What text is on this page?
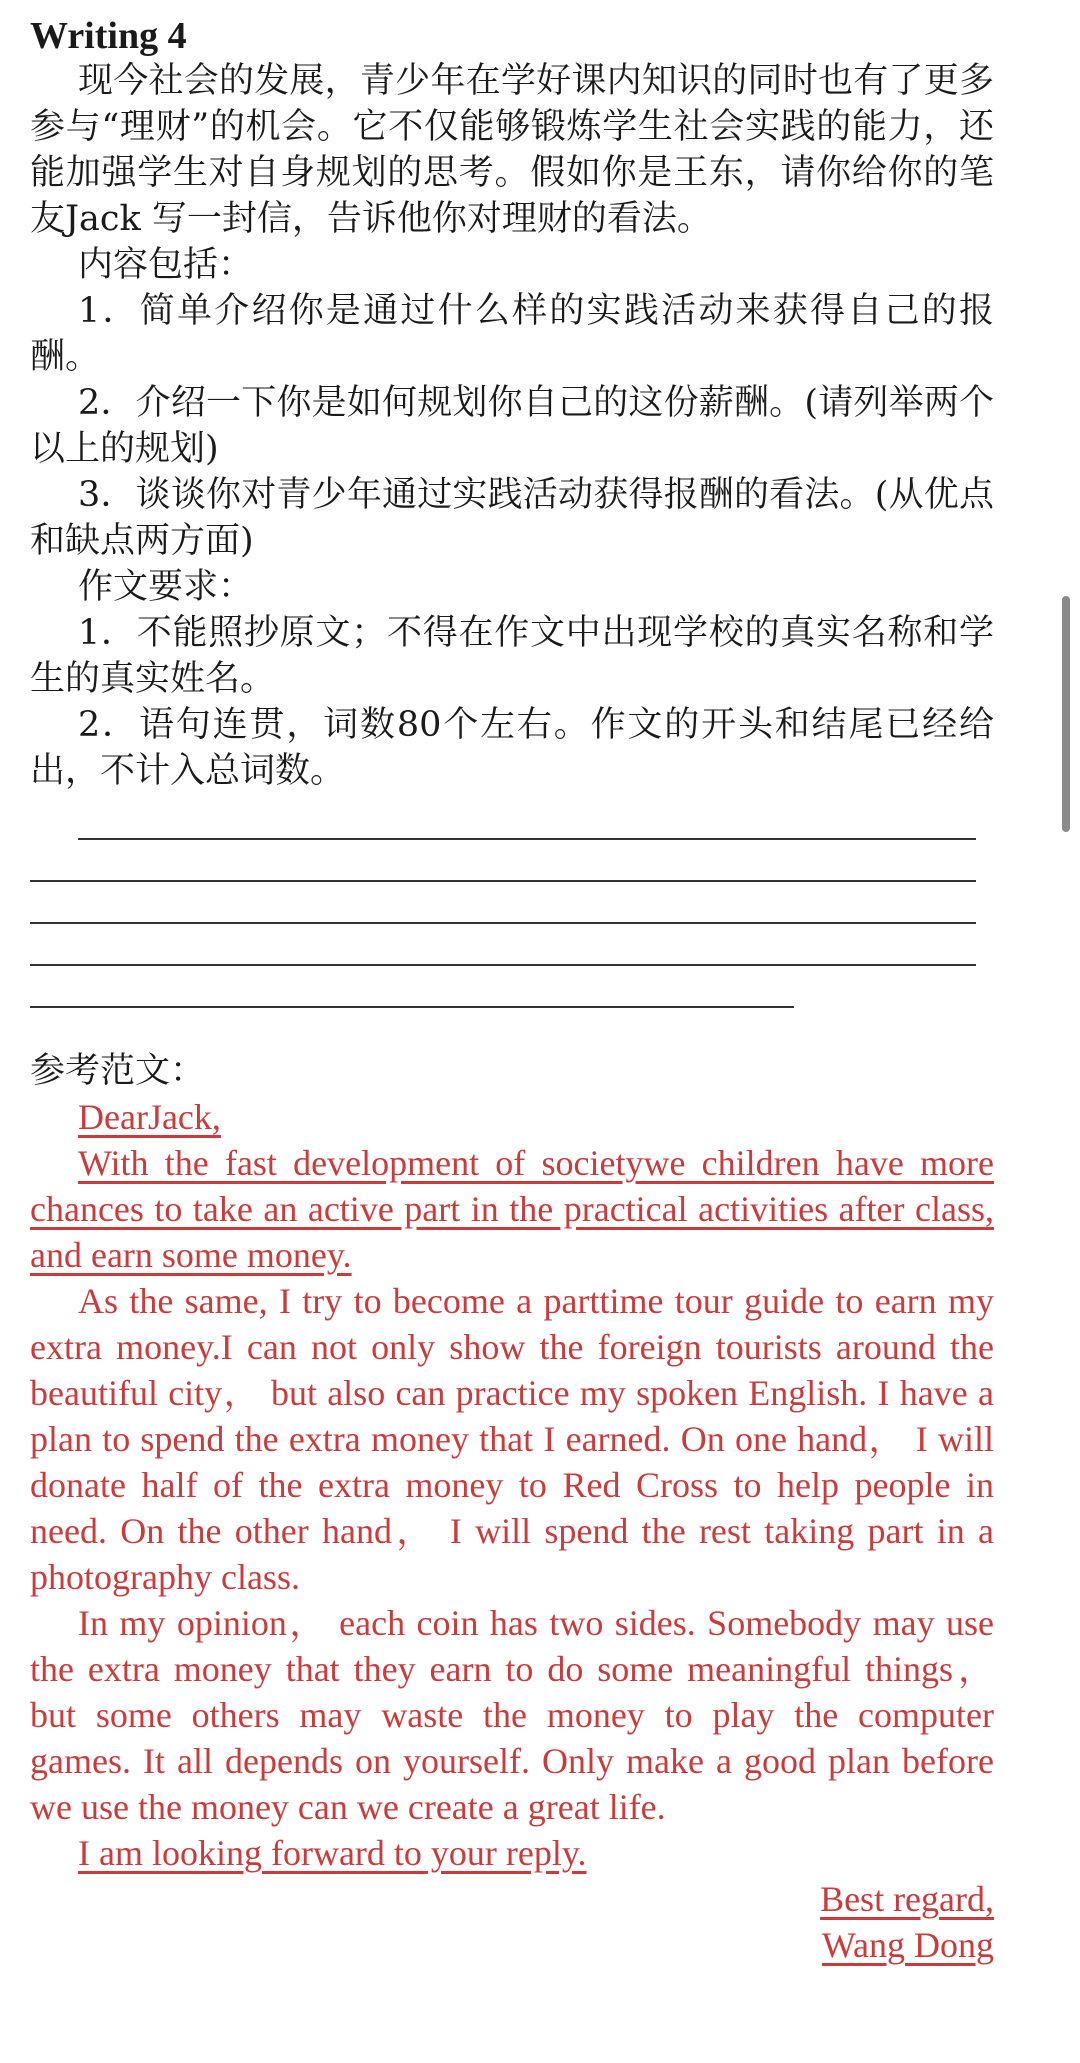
Writing 4

现今社会的发展，青少年在学好课内知识的同时也有了更多参与“理财”的机会。它不仅能够锻炼学生社会实践的能力，还能加强学生对自身规划的思考。假如你是王东，请你给你的笔友Jack 写一封信，告诉他你对理财的看法。

内容包括：

1．简单介绍你是通过什么样的实践活动来获得自己的报酬。

2．介绍一下你是如何规划你自己的这份薪酬。(请列举两个以上的规划)

3．谈谈你对青少年通过实践活动获得报酬的看法。(从优点和缺点两方面)

作文要求：

1．不能照抄原文；不得在作文中出现学校的真实名称和学生的真实姓名。

2．语句连贯，词数80个左右。作文的开头和结尾已经给出，不计入总词数。

参考范文：

DearJack,

With the fast development of societywe children have more chances to take an active part in the practical activities after class, and earn some money.

As the same, I try to become a parttime tour guide to earn my extra money.I can not only show the foreign tourists around the beautiful city， but also can practice my spoken English. I have a plan to spend the extra money that I earned. On one hand， I will donate half of the extra money to Red Cross to help people in need. On the other hand， I will spend the rest taking part in a photography class.

In my opinion， each coin has two sides. Somebody may use the extra money that they earn to do some meaningful things， but some others may waste the money to play the computer games. It all depends on yourself. Only make a good plan before we use the money can we create a great life.

I am looking forward to your reply.

Best regard,

Wang Dong
